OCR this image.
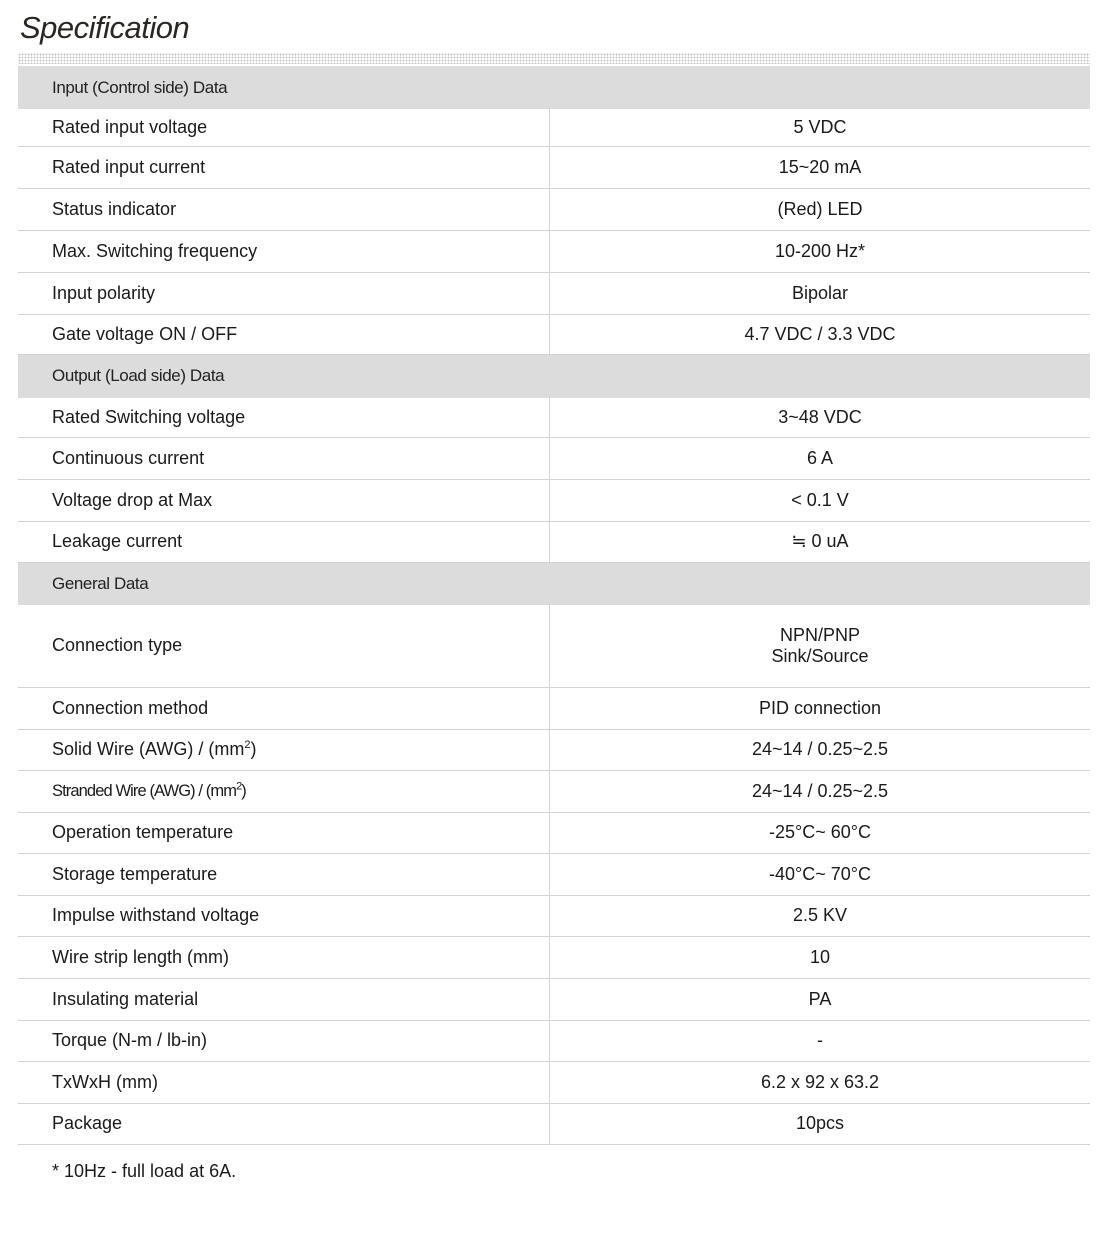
Specification
Input (Control side) Data	
Rated input voltage	5 VDC
Rated input current	15~20 mA
Status indicator	(Red) LED
Max. Switching frequency	10-200 Hz*
Input polarity	Bipolar
Gate voltage ON / OFF	4.7 VDC / 3.3 VDC
Output (Load side) Data	
Rated Switching voltage	3~48 VDC
Continuous current	6 A
Voltage drop at Max	< 0.1 V
Leakage current	≒ 0 uA
General Data	
Connection type	NPN/PNP
Sink/Source

Connection method	PID connection
Solid Wire $(AWG) / (mm^2)$	24~14 / 0.25~2.5
Stranded Wire $(AWG) / (mm^2)$	24~14 / 0.25~2.5
Operation temperature	-25°C~ 60°C
Storage temperature	-40°C~ 70°C
Impulse withstand voltage	2.5 KV
Wire strip length (mm)	10
Insulating material	PA
Torque (N-m / lb-in)	-
TxWxH (mm)	6.2 x 92 x 63.2
Package	10pcs
* 10Hz - full load at 6A.
